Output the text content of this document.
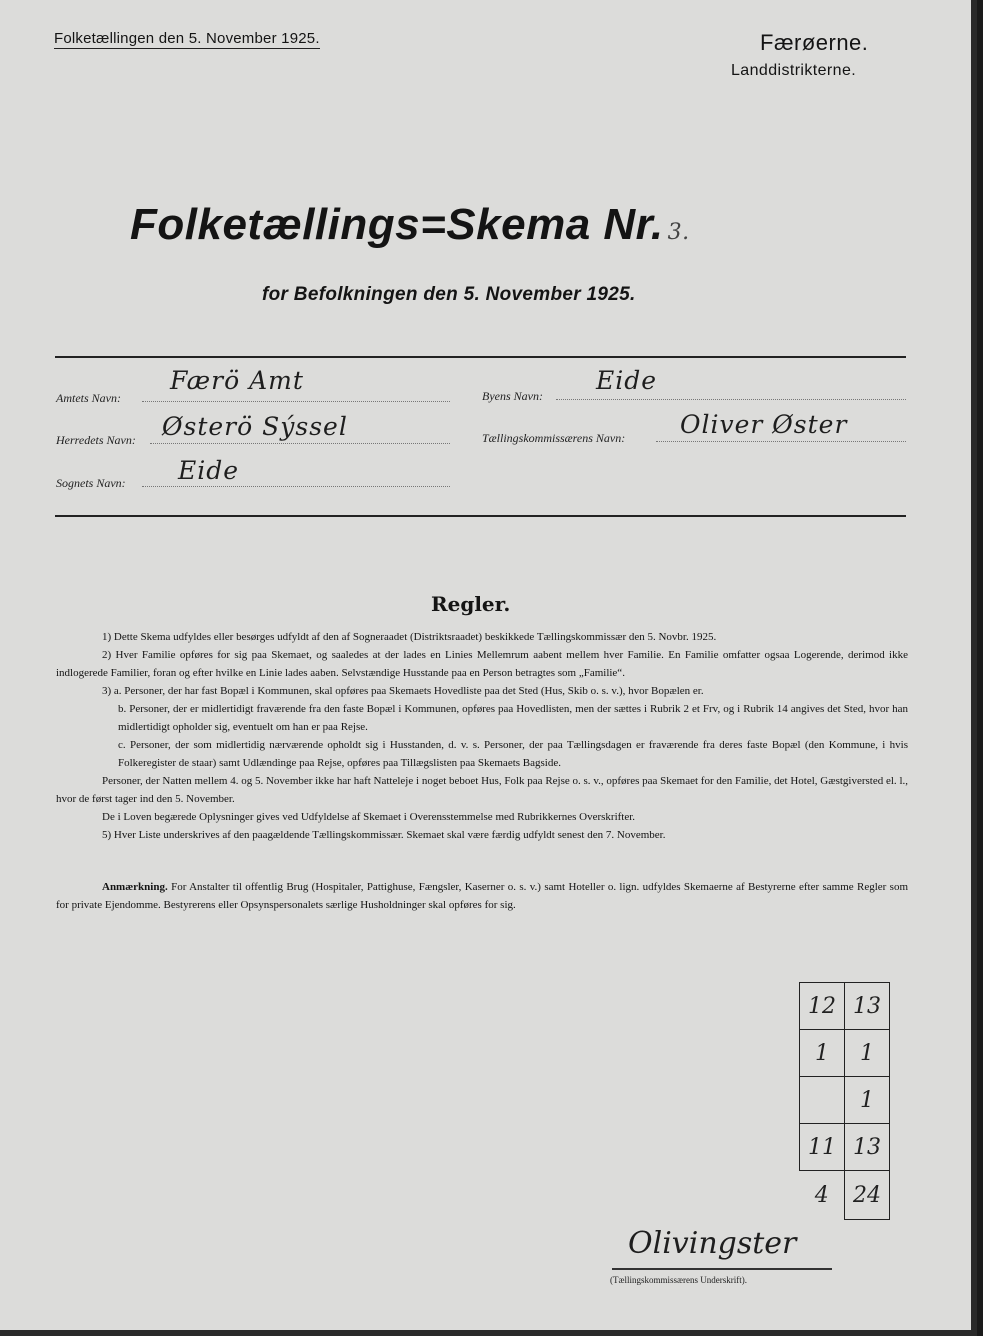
Folketællingen den 5. November 1925.	Færøerne.
Landdistrikterne.
Folketællings=Skema Nr. 3.
for Befolkningen den 5. November 1925.
Amtets Navn:
Færö Amt
Herredets Navn: Østerö Sýssel
Sognets Navn: Eide
Byens Navn:
Eide
Tællingskommissærens Navn: Oliver Øster
Regler.

1) Dette Skema udfyldes eller besørges udfyldt af den af Sogneraadet (Distriktsraadet) beskikkede Tællingskommissær den 5. Novbr. 1925.

2) Hver Familie opføres for sig paa Skemaet, og saaledes at der lades en Linies Mellemrum aabent mellem hver Familie. En Familie omfatter ogsaa Logerende, derimod ikke indlogerede Familier, foran og efter hvilke en Linie lades aaben. Selvstændige Husstande paa en Person betragtes som „Familie“.

3) a. Personer, der har fast Bopæl i Kommunen, skal opføres paa Skemaets Hovedliste paa det Sted (Hus, Skib o. s. v.), hvor Bopælen er.

b. Personer, der er midlertidigt fraværende fra den faste Bopæl i Kommunen, opføres paa Hovedlisten, men der sættes i Rubrik 2 et Frv, og i Rubrik 14 angives det Sted, hvor han midlertidigt opholder sig, eventuelt om han er paa Rejse.

c. Personer, der som midlertidig nærværende opholdt sig i Husstanden, d. v. s. Personer, der paa Tællingsdagen er fraværende fra deres faste Bopæl (den Kommune, i hvis Folkeregister de staar) samt Udlændinge paa Rejse, opføres paa Tillægslisten paa Skemaets Bagside.

Personer, der Natten mellem 4. og 5. November ikke har haft Natteleje i noget beboet Hus, Folk paa Rejse o. s. v., opføres paa Skemaet for den Familie, det Hotel, Gæstgiversted el. l., hvor de først tager ind den 5. November.

De i Loven begærede Oplysninger gives ved Udfyldelse af Skemaet i Overensstemmelse med Rubrikkernes Overskrifter.

5) Hver Liste underskrives af den paagældende Tællingskommissær. Skemaet skal være færdig udfyldt senest den 7. November.

Anmærkning. For Anstalter til offentlig Brug (Hospitaler, Pattighuse, Fængsler, Kaserner o. s. v.) samt Hoteller o. lign. udfyldes Skemaerne af Bestyrerne efter samme Regler som for private Ejendomme. Bestyrerens eller Opsynspersonalets særlige Husholdninger skal opføres for sig.

12	13
1	1
	1
11	13
4	24
Olivingster
(Tællingskommissærens Underskrift).
